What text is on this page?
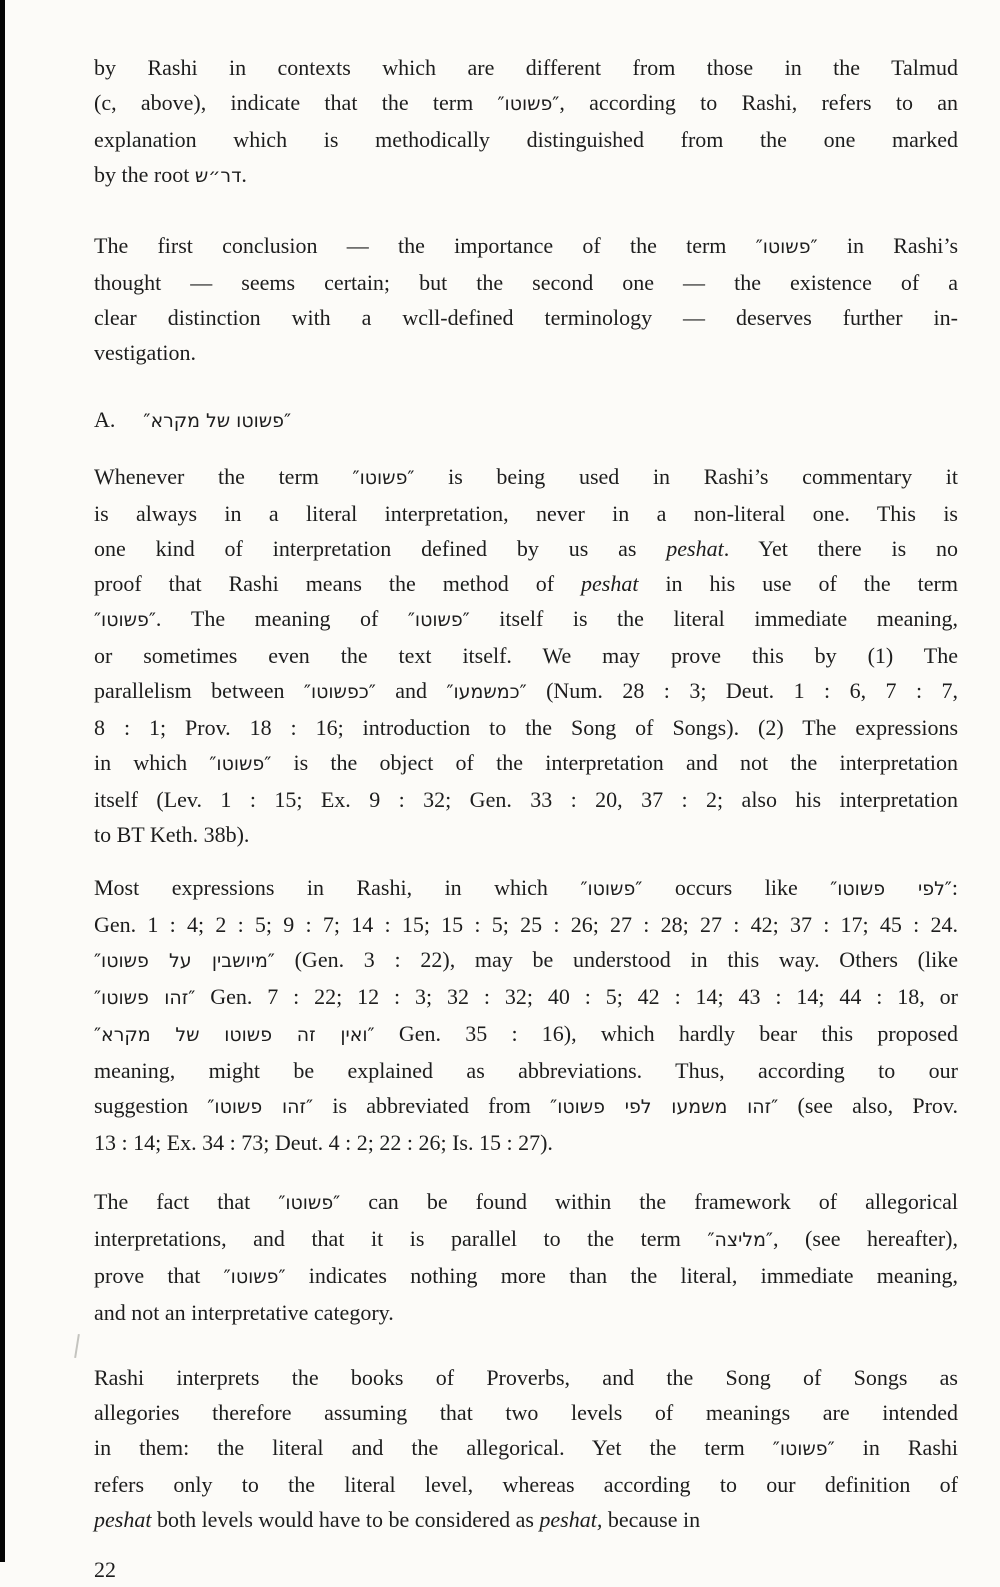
by Rashi in contexts which are different from those in the Talmud
(c, above), indicate that the term ″פשוטו″, according to Rashi, refers to an
explanation which is methodically distinguished from the one marked
by the root דר״ש.
The first conclusion — the importance of the term ″פשוטו″ in Rashi’s
thought — seems certain; but the second one — the existence of a
clear distinction with a wcll-defined terminology — deserves further in-
vestigation.
A. ″פשוטו של מקרא″
Whenever the term ″פשוטו″ is being used in Rashi’s commentary it
is always in a literal interpretation, never in a non-literal one. This is
one kind of interpretation defined by us as peshat. Yet there is no
proof that Rashi means the method of peshat in his use of the term
″פשוטו″. The meaning of ″פשוטו″ itself is the literal immediate meaning,
or sometimes even the text itself. We may prove this by (1) The
parallelism between ″כפשוטו″ and ″כמשמעו″ (Num. 28 : 3; Deut. 1 : 6, 7 : 7,
8 : 1; Prov. 18 : 16; introduction to the Song of Songs). (2) The expressions
in which ″פשוטו″ is the object of the interpretation and not the interpretation
itself (Lev. 1 : 15; Ex. 9 : 32; Gen. 33 : 20, 37 : 2; also his interpretation
to BT Keth. 38b).
Most expressions in Rashi, in which ″פשוטו″ occurs like ″לפי פשוטו″:
Gen. 1 : 4; 2 : 5; 9 : 7; 14 : 15; 15 : 5; 25 : 26; 27 : 28; 27 : 42; 37 : 17; 45 : 24.
″מיושבין על פשוטו″ (Gen. 3 : 22), may be understood in this way. Others (like
″זהו פשוטו″ Gen. 7 : 22; 12 : 3; 32 : 32; 40 : 5; 42 : 14; 43 : 14; 44 : 18, or
″ואין זה פשוטו של מקרא″ Gen. 35 : 16), which hardly bear this proposed
meaning, might be explained as abbreviations. Thus, according to our
suggestion ″זהו פשוטו″ is abbreviated from ″זהו משמעו לפי פשוטו″ (see also, Prov.
13 : 14; Ex. 34 : 73; Deut. 4 : 2; 22 : 26; Is. 15 : 27).
The fact that ″פשוטו″ can be found within the framework of allegorical
interpretations, and that it is parallel to the term ″מליצה″, (see hereafter),
prove that ″פשוטו″ indicates nothing more than the literal, immediate meaning,
and not an interpretative category.
Rashi interprets the books of Proverbs, and the Song of Songs as
allegories therefore assuming that two levels of meanings are intended
in them: the literal and the allegorical. Yet the term ″פשוטו″ in Rashi
refers only to the literal level, whereas according to our definition of
peshat both levels would have to be considered as peshat, because in
22
